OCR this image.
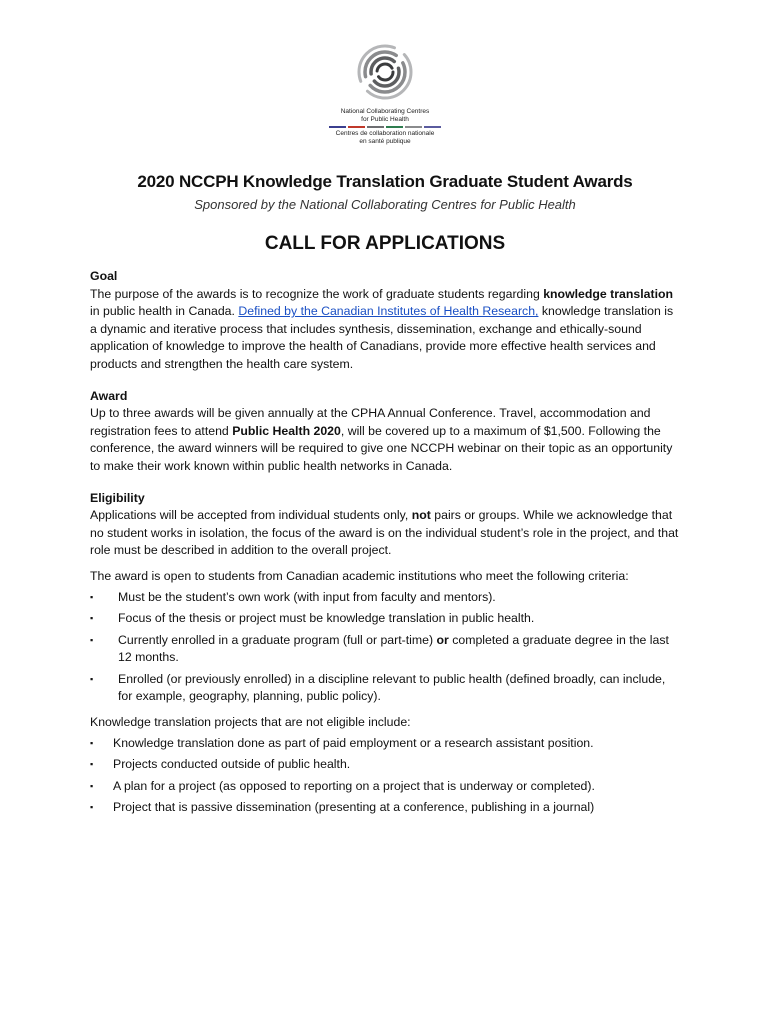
National Collaborating Centres
for Public Health
Centres de collaboration nationale
en santé publique
2020 NCCPH Knowledge Translation Graduate Student Awards
Sponsored by the National Collaborating Centres for Public Health
CALL FOR APPLICATIONS

Goal

The purpose of the awards is to recognize the work of graduate students regarding knowledge translation in public health in Canada. Defined by the Canadian Institutes of Health Research, knowledge translation is a dynamic and iterative process that includes synthesis, dissemination, exchange and ethically-sound application of knowledge to improve the health of Canadians, provide more effective health services and products and strengthen the health care system.

Award

Up to three awards will be given annually at the CPHA Annual Conference. Travel, accommodation and registration fees to attend Public Health 2020, will be covered up to a maximum of $1,500. Following the conference, the award winners will be required to give one NCCPH webinar on their topic as an opportunity to make their work known within public health networks in Canada.

Eligibility

Applications will be accepted from individual students only, not pairs or groups. While we acknowledge that no student works in isolation, the focus of the award is on the individual student’s role in the project, and that role must be described in addition to the overall project.

The award is open to students from Canadian academic institutions who meet the following criteria:

▪ Must be the student’s own work (with input from faculty and mentors).
▪ Focus of the thesis or project must be knowledge translation in public health.
▪ Currently enrolled in a graduate program (full or part-time) or completed a graduate degree in the last 12 months.
▪ Enrolled (or previously enrolled) in a discipline relevant to public health (defined broadly, can include, for example, geography, planning, public policy).

Knowledge translation projects that are not eligible include:

▪ Knowledge translation done as part of paid employment or a research assistant position.
▪ Projects conducted outside of public health.
▪ A plan for a project (as opposed to reporting on a project that is underway or completed).
▪ Project that is passive dissemination (presenting at a conference, publishing in a journal)
